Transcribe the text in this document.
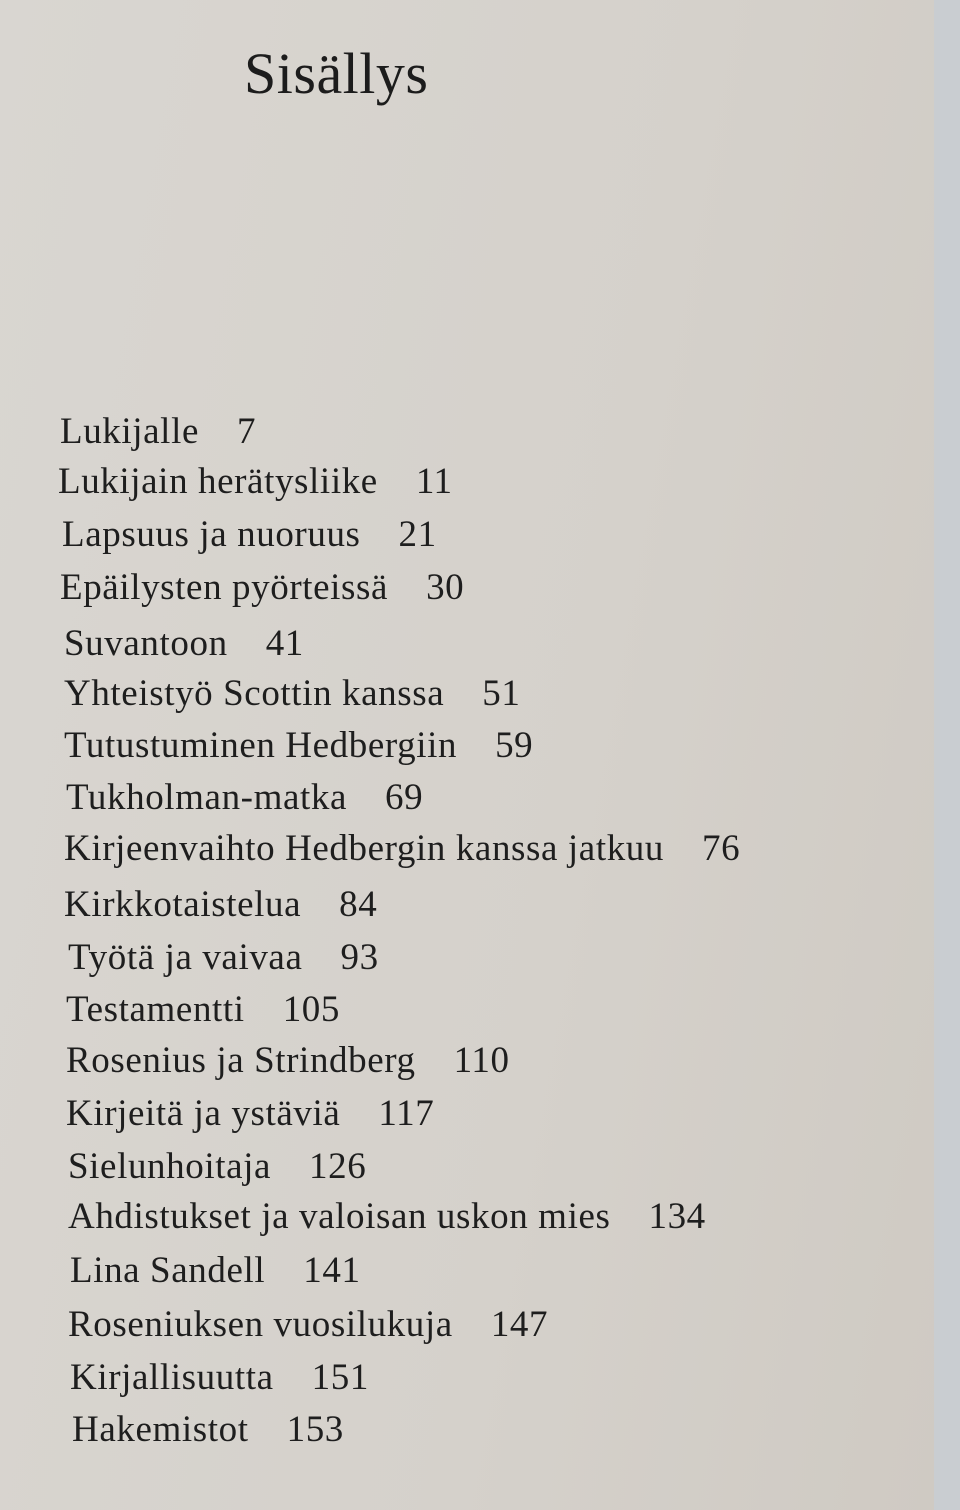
Sisällys
Lukijalle 7
Lukijain herätysliike 11
Lapsuus ja nuoruus 21
Epäilysten pyörteissä 30
Suvantoon 41
Yhteistyö Scottin kanssa 51
Tutustuminen Hedbergiin 59
Tukholman-matka 69
Kirjeenvaihto Hedbergin kanssa jatkuu 76
Kirkkotaistelua 84
Työtä ja vaivaa 93
Testamentti 105
Rosenius ja Strindberg 110
Kirjeitä ja ystäviä 117
Sielunhoitaja 126
Ahdistukset ja valoisan uskon mies 134
Lina Sandell 141
Roseniuksen vuosilukuja 147
Kirjallisuutta 151
Hakemistot 153
